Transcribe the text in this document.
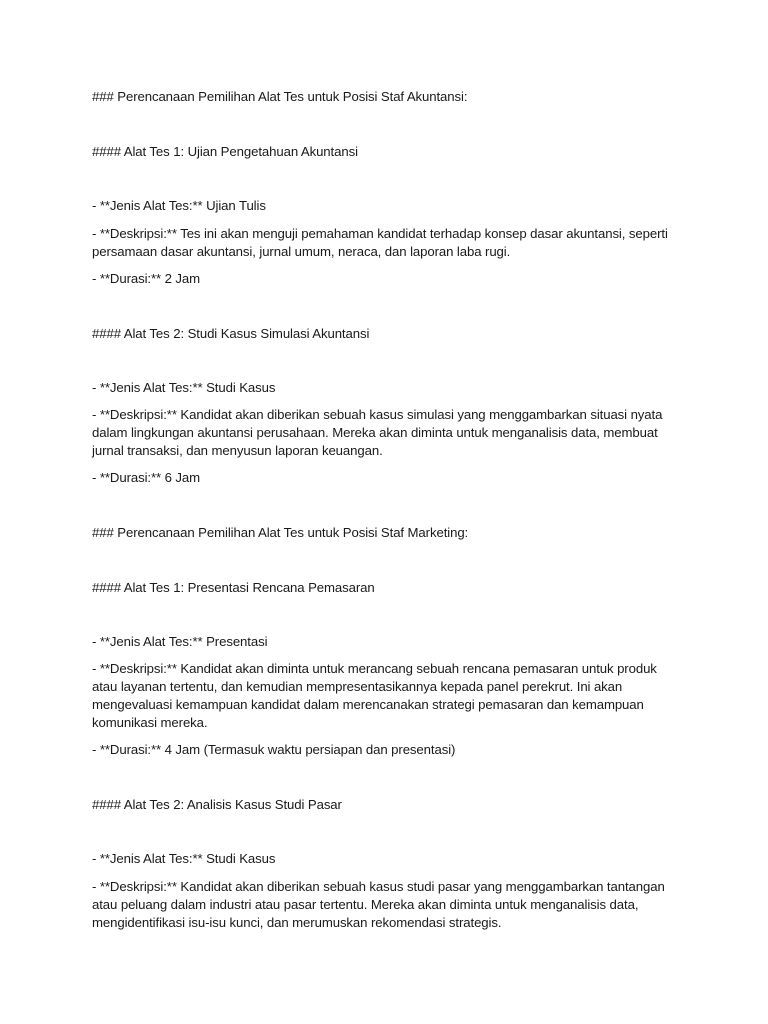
### Perencanaan Pemilihan Alat Tes untuk Posisi Staf Akuntansi:
#### Alat Tes 1: Ujian Pengetahuan Akuntansi
- **Jenis Alat Tes:** Ujian Tulis
- **Deskripsi:** Tes ini akan menguji pemahaman kandidat terhadap konsep dasar akuntansi, seperti
persamaan dasar akuntansi, jurnal umum, neraca, dan laporan laba rugi.
- **Durasi:** 2 Jam
#### Alat Tes 2: Studi Kasus Simulasi Akuntansi
- **Jenis Alat Tes:** Studi Kasus
- **Deskripsi:** Kandidat akan diberikan sebuah kasus simulasi yang menggambarkan situasi nyata
dalam lingkungan akuntansi perusahaan. Mereka akan diminta untuk menganalisis data, membuat
jurnal transaksi, dan menyusun laporan keuangan.
- **Durasi:** 6 Jam
### Perencanaan Pemilihan Alat Tes untuk Posisi Staf Marketing:
#### Alat Tes 1: Presentasi Rencana Pemasaran
- **Jenis Alat Tes:** Presentasi
- **Deskripsi:** Kandidat akan diminta untuk merancang sebuah rencana pemasaran untuk produk
atau layanan tertentu, dan kemudian mempresentasikannya kepada panel perekrut. Ini akan
mengevaluasi kemampuan kandidat dalam merencanakan strategi pemasaran dan kemampuan
komunikasi mereka.
- **Durasi:** 4 Jam (Termasuk waktu persiapan dan presentasi)
#### Alat Tes 2: Analisis Kasus Studi Pasar
- **Jenis Alat Tes:** Studi Kasus
- **Deskripsi:** Kandidat akan diberikan sebuah kasus studi pasar yang menggambarkan tantangan
atau peluang dalam industri atau pasar tertentu. Mereka akan diminta untuk menganalisis data,
mengidentifikasi isu-isu kunci, dan merumuskan rekomendasi strategis.
